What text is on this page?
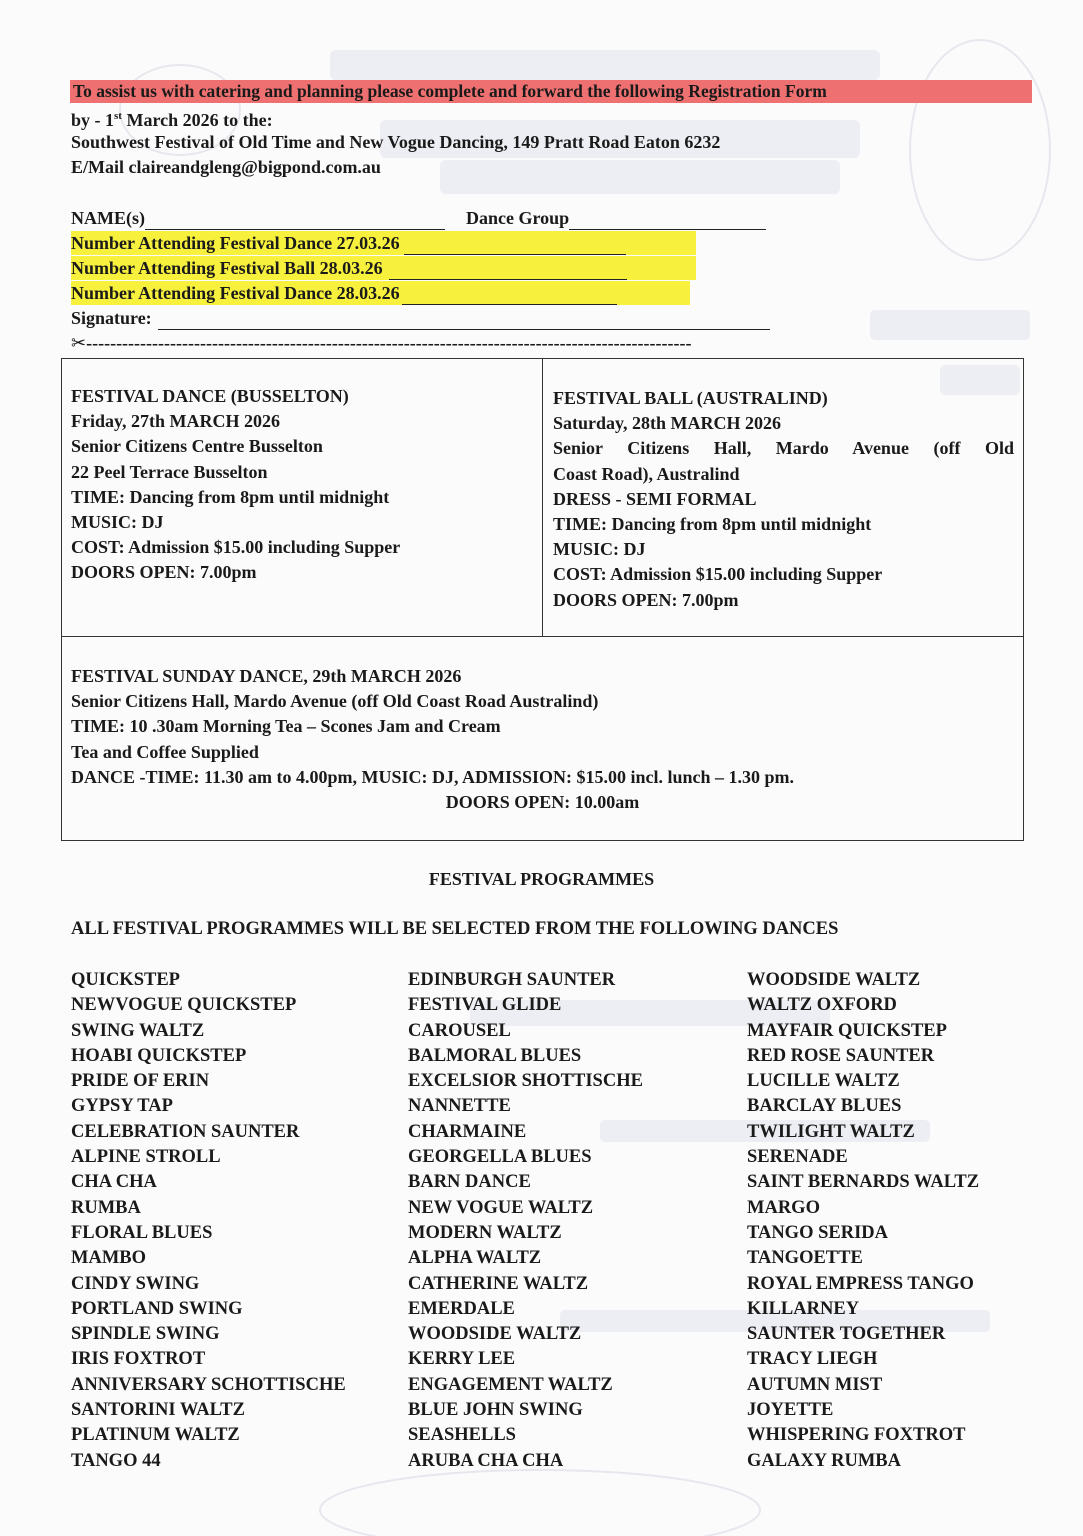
To assist us with catering and planning please complete and forward the following Registration Form
by - 1st March 2026 to the:
Southwest Festival of Old Time and New Vogue Dancing, 149 Pratt Road Eaton 6232
E/Mail claireandgleng@bigpond.com.au
NAME(s)	Dance Group
Number Attending Festival Dance 27.03.26
Number Attending Festival Ball 28.03.26
Number Attending Festival Dance 28.03.26
Signature:
✂-----------------------------------------------------------------------------------------------------
FESTIVAL DANCE (BUSSELTON)
Friday, 27th MARCH 2026
Senior Citizens Centre Busselton
22 Peel Terrace Busselton
TIME: Dancing from 8pm until midnight
MUSIC: DJ
COST: Admission $15.00 including Supper
DOORS OPEN: 7.00pm
FESTIVAL BALL (AUSTRALIND)
Saturday, 28th MARCH 2026
Senior Citizens Hall, Mardo Avenue (off Old
Coast Road), Australind
DRESS - SEMI FORMAL
TIME: Dancing from 8pm until midnight
MUSIC: DJ
COST: Admission $15.00 including Supper
DOORS OPEN: 7.00pm
FESTIVAL SUNDAY DANCE, 29th MARCH 2026
Senior Citizens Hall, Mardo Avenue (off Old Coast Road Australind)
TIME: 10 .30am Morning Tea – Scones Jam and Cream
Tea and Coffee Supplied
DANCE -TIME: 11.30 am to 4.00pm, MUSIC: DJ, ADMISSION: $15.00 incl. lunch – 1.30 pm.
DOORS OPEN: 10.00am
FESTIVAL PROGRAMMES
ALL FESTIVAL PROGRAMMES WILL BE SELECTED FROM THE FOLLOWING DANCES
QUICKSTEP
NEWVOGUE QUICKSTEP
SWING WALTZ
HOABI QUICKSTEP
PRIDE OF ERIN
GYPSY TAP
CELEBRATION SAUNTER
ALPINE STROLL
CHA CHA
RUMBA
FLORAL BLUES
MAMBO
CINDY SWING
PORTLAND SWING
SPINDLE SWING
IRIS FOXTROT
ANNIVERSARY SCHOTTISCHE
SANTORINI WALTZ
PLATINUM WALTZ
TANGO 44
EDINBURGH SAUNTER
FESTIVAL GLIDE
CAROUSEL
BALMORAL BLUES
EXCELSIOR SHOTTISCHE
NANNETTE
CHARMAINE
GEORGELLA BLUES
BARN DANCE
NEW VOGUE WALTZ
MODERN WALTZ
ALPHA WALTZ
CATHERINE WALTZ
EMERDALE
WOODSIDE WALTZ
KERRY LEE
ENGAGEMENT WALTZ
BLUE JOHN SWING
SEASHELLS
ARUBA CHA CHA
WOODSIDE WALTZ
WALTZ OXFORD
MAYFAIR QUICKSTEP
RED ROSE SAUNTER
LUCILLE WALTZ
BARCLAY BLUES
TWILIGHT WALTZ
SERENADE
SAINT BERNARDS WALTZ
MARGO
TANGO SERIDA
TANGOETTE
ROYAL EMPRESS TANGO
KILLARNEY
SAUNTER TOGETHER
TRACY LIEGH
AUTUMN MIST
JOYETTE
WHISPERING FOXTROT
GALAXY RUMBA
